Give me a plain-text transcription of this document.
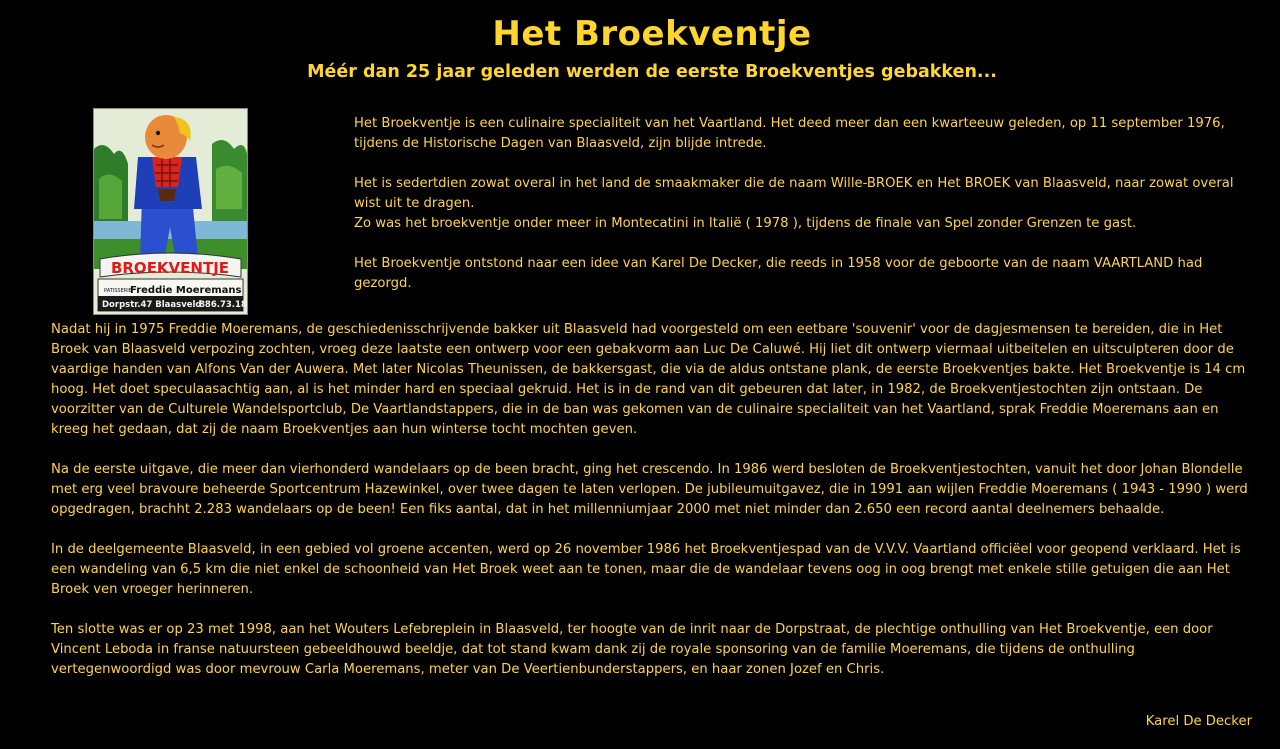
Het Broekventje
Méér dan 25 jaar geleden werden de eerste Broekventjes gebakken...
BROEKVENTJE
PATISSERIE
Freddie Moeremans
Dorpstr.47 Blaasveld
886.73.18

Het Broekventje is een culinaire specialiteit van het Vaartland. Het deed meer dan een kwarteeuw geleden, op 11 september 1976, tijdens de Historische Dagen van Blaasveld, zijn blijde intrede.

Het is sedertdien zowat overal in het land de smaakmaker die de naam Wille-BROEK en Het BROEK van Blaasveld, naar zowat overal wist uit te dragen.

Zo was het broekventje onder meer in Montecatini in Italië ( 1978 ), tijdens de finale van Spel zonder Grenzen te gast.

Het Broekventje ontstond naar een idee van Karel De Decker, die reeds in 1958 voor de geboorte van de naam VAARTLAND had gezorgd.

Nadat hij in 1975 Freddie Moeremans, de geschiedenisschrijvende bakker uit Blaasveld had voorgesteld om een eetbare 'souvenir' voor de dagjesmensen te bereiden, die in Het Broek van Blaasveld verpozing zochten, vroeg deze laatste een ontwerp voor een gebakvorm aan Luc De Caluwé. Hij liet dit ontwerp viermaal uitbeitelen en uitsculpteren door de vaardige handen van Alfons Van der Auwera. Met later Nicolas Theunissen, de bakkersgast, die via de aldus ontstane plank, de eerste Broekventjes bakte. Het Broekventje is 14 cm hoog. Het doet speculaasachtig aan, al is het minder hard en speciaal gekruid. Het is in de rand van dit gebeuren dat later, in 1982, de Broekventjestochten zijn ontstaan. De voorzitter van de Culturele Wandelsportclub, De Vaartlandstappers, die in de ban was gekomen van de culinaire specialiteit van het Vaartland, sprak Freddie Moeremans aan en kreeg het gedaan, dat zij de naam Broekventjes aan hun winterse tocht mochten geven.

Na de eerste uitgave, die meer dan vierhonderd wandelaars op de been bracht, ging het crescendo. In 1986 werd besloten de Broekventjestochten, vanuit het door Johan Blondelle met erg veel bravoure beheerde Sportcentrum Hazewinkel, over twee dagen te laten verlopen. De jubileumuitgavez, die in 1991 aan wijlen Freddie Moeremans ( 1943 - 1990 ) werd opgedragen, brachht 2.283 wandelaars op de been! Een fiks aantal, dat in het millenniumjaar 2000 met niet minder dan 2.650 een record aantal deelnemers behaalde.

In de deelgemeente Blaasveld, in een gebied vol groene accenten, werd op 26 november 1986 het Broekventjespad van de V.V.V. Vaartland officiëel voor geopend verklaard. Het is een wandeling van 6,5 km die niet enkel de schoonheid van Het Broek weet aan te tonen, maar die de wandelaar tevens oog in oog brengt met enkele stille getuigen die aan Het Broek ven vroeger herinneren.

Ten slotte was er op 23 met 1998, aan het Wouters Lefebreplein in Blaasveld, ter hoogte van de inrit naar de Dorpstraat, de plechtige onthulling van Het Broekventje, een door Vincent Leboda in franse natuursteen gebeeldhouwd beeldje, dat tot stand kwam dank zij de royale sponsoring van de familie Moeremans, die tijdens de onthulling vertegenwoordigd was door mevrouw Carla Moeremans, meter van De Veertienbunderstappers, en haar zonen Jozef en Chris.

Karel De Decker
